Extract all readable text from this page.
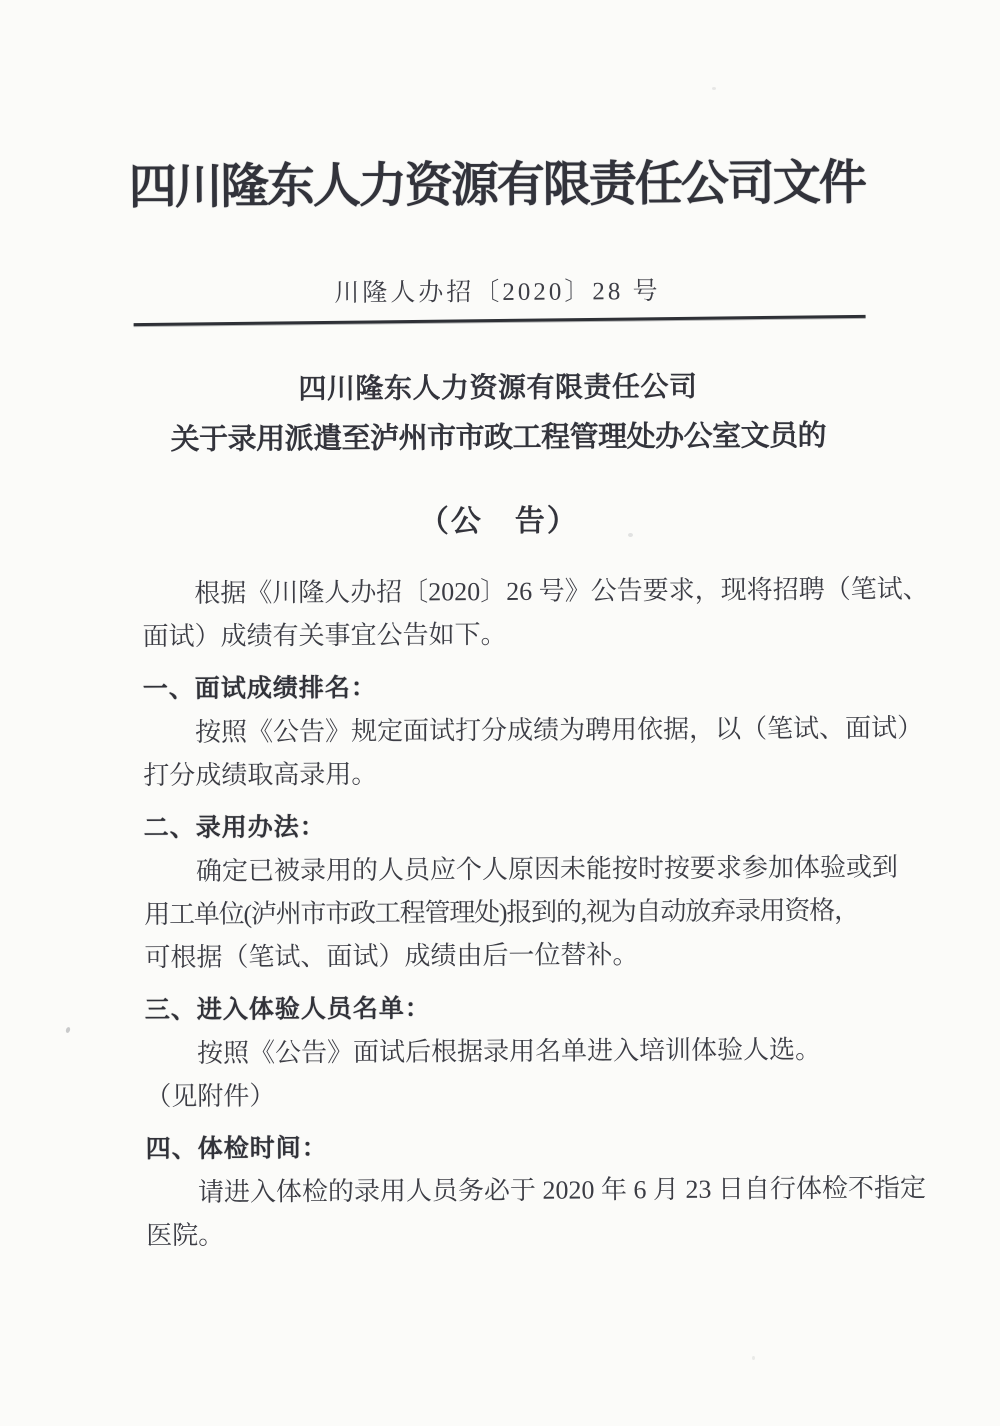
四川隆东人力资源有限责任公司文件
川隆人办招〔2020〕28 号
四川隆东人力资源有限责任公司
关于录用派遣至泸州市市政工程管理处办公室文员的
（公　告）
根据《川隆人办招〔2020〕26 号》公告要求，现将招聘（笔试、
面试）成绩有关事宜公告如下。
一、面试成绩排名：
按照《公告》规定面试打分成绩为聘用依据，以（笔试、面试）
打分成绩取高录用。
二、录用办法：
确定已被录用的人员应个人原因未能按时按要求参加体验或到
用工单位(泸州市市政工程管理处)报到的,视为自动放弃录用资格，
可根据（笔试、面试）成绩由后一位替补。
三、进入体验人员名单：
按照《公告》面试后根据录用名单进入培训体验人选。
（见附件）
四、体检时间：
请进入体检的录用人员务必于 2020 年 6 月 23 日自行体检不指定
医院。
